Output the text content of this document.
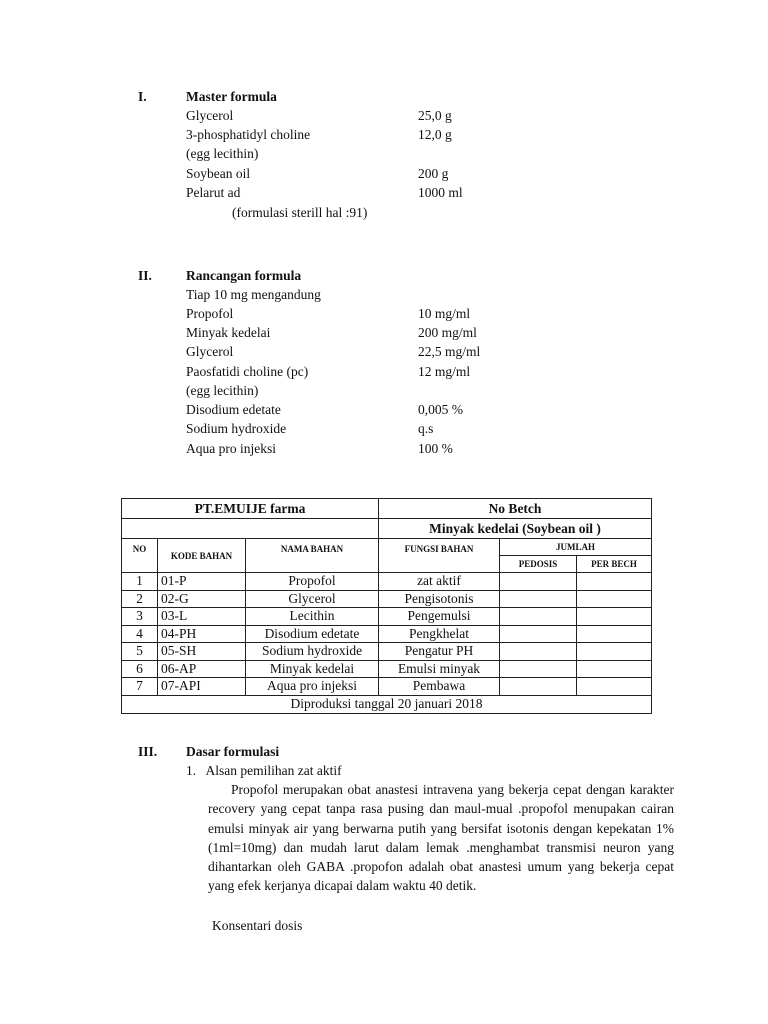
I.	Master formula
Glycerol	25,0 g
3-phosphatidyl choline	12,0 g
(egg lecithin)
Soybean oil	200 g
Pelarut ad	1000 ml
(formulasi sterill hal :91)
II.	Rancangan formula
Tiap 10 mg mengandung
Propofol	10 mg/ml
Minyak kedelai	200 mg/ml
Glycerol	22,5 mg/ml
Paosfatidi choline (pc)	12 mg/ml
(egg lecithin)
Disodium edetate	0,005 %
Sodium hydroxide	q.s
Aqua pro injeksi	100 %
PT.EMUIJE farma			No Betch		
			Minyak kedelai (Soybean oil )		
NO	KODE BAHAN	NAMA BAHAN	FUNGSI BAHAN	JUMLAH	
				PEDOSIS	PER BECH
1	01-P	Propofol	zat aktif		
2	02-G	Glycerol	Pengisotonis		
3	03-L	Lecithin	Pengemulsi		
4	04-PH	Disodium edetate	Pengkhelat		
5	05-SH	Sodium hydroxide	Pengatur PH		
6	06-AP	Minyak kedelai	Emulsi minyak		
7	07-API	Aqua pro injeksi	Pembawa		
Diproduksi tanggal 20 januari 2018					
III. Dasar formulasi
1.   Alsan pemilihan zat aktif

Propofol merupakan obat anastesi intravena yang bekerja cepat dengan karakter recovery yang cepat tanpa rasa pusing dan maul-mual .propofol menupakan cairan emulsi minyak air yang berwarna putih yang bersifat isotonis dengan kepekatan 1% (1ml=10mg) dan mudah larut dalam lemak .menghambat transmisi neuron yang dihantarkan oleh GABA .propofon adalah obat anastesi umum yang bekerja cepat yang efek kerjanya dicapai dalam waktu 40 detik.

Konsentari dosis
